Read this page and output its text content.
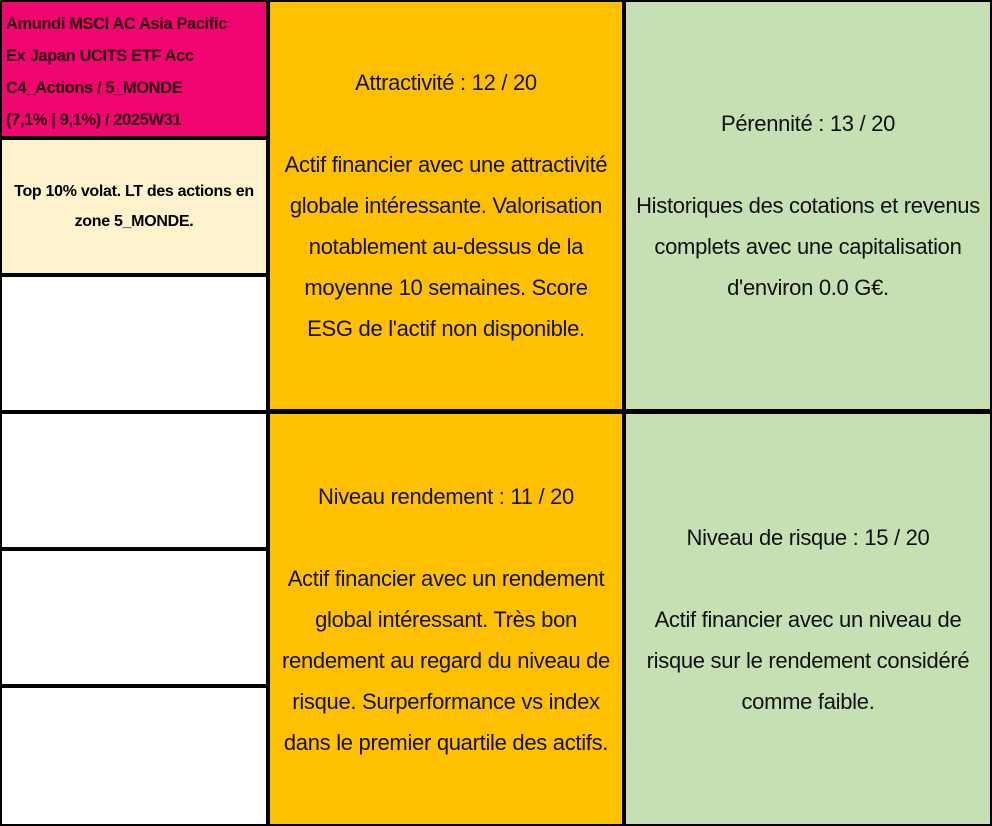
Amundi MSCI AC Asia Pacific
Ex Japan UCITS ETF Acc
C4_Actions / 5_MONDE
(7,1% | 9,1%) / 2025W31
Top 10% volat. LT des actions en zone 5_MONDE.
Attractivité : 12 / 20
Actif financier avec une attractivité globale intéressante. Valorisation notablement au-dessus de la moyenne 10 semaines. Score ESG de l'actif non disponible.
Pérennité : 13 / 20
Historiques des cotations et revenus complets avec une capitalisation d'environ 0.0 G€.
Niveau rendement : 11 / 20
Actif financier avec un rendement global intéressant. Très bon rendement au regard du niveau de risque. Surperformance vs index dans le premier quartile des actifs.
Niveau de risque : 15 / 20
Actif financier avec un niveau de risque sur le rendement considéré comme faible.
